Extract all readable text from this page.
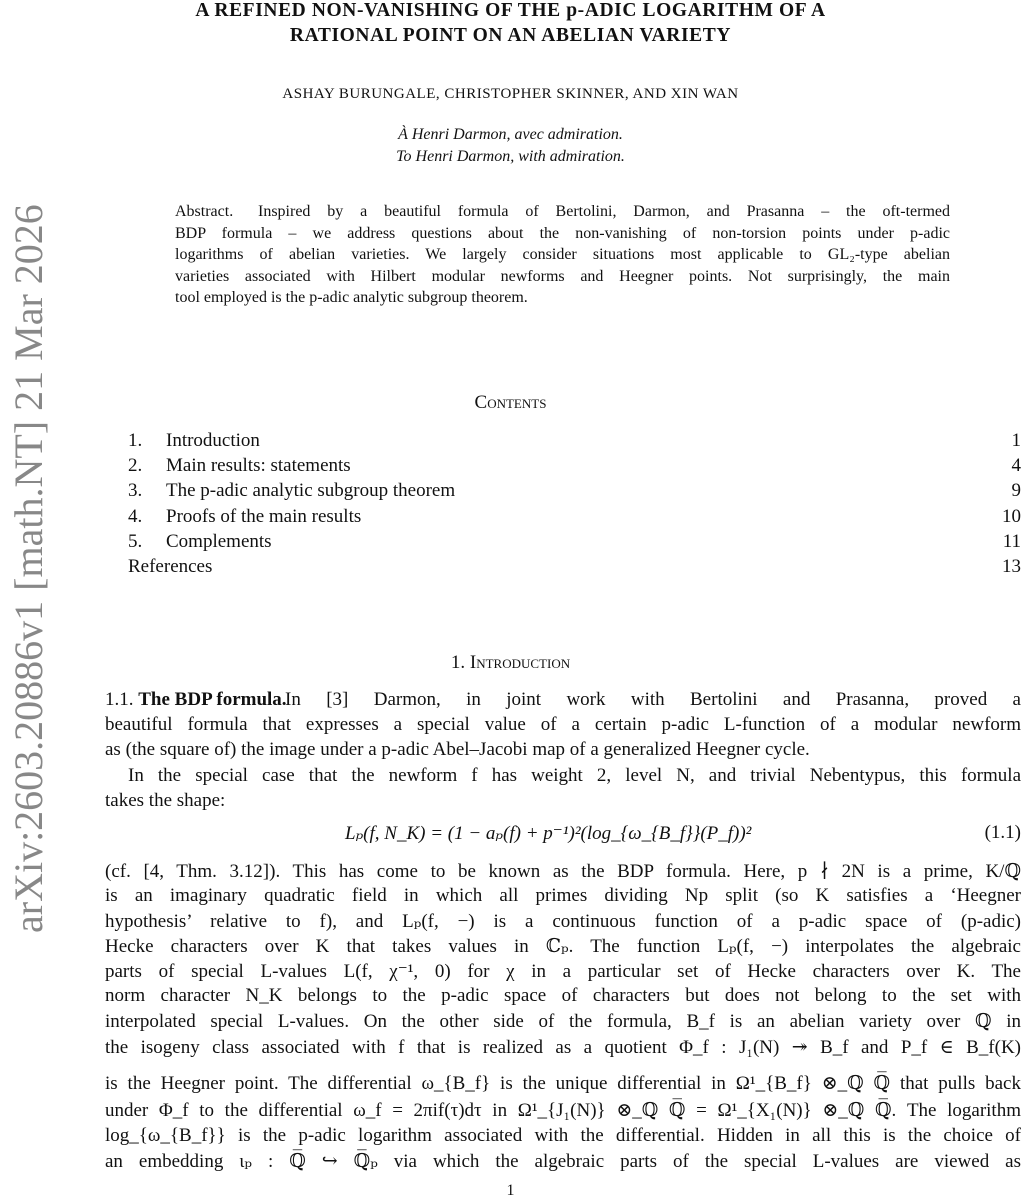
arXiv:2603.20886v1 [math.NT] 21 Mar 2026
A REFINED NON-VANISHING OF THE p-ADIC LOGARITHM OF A
RATIONAL POINT ON AN ABELIAN VARIETY
ASHAY BURUNGALE, CHRISTOPHER SKINNER, AND XIN WAN
À Henri Darmon, avec admiration.
To Henri Darmon, with admiration.
Abstract. Inspired by a beautiful formula of Bertolini, Darmon, and Prasanna – the oft-termed
BDP formula – we address questions about the non-vanishing of non-torsion points under p-adic
logarithms of abelian varieties. We largely consider situations most applicable to GL₂-type abelian
varieties associated with Hilbert modular newforms and Heegner points. Not surprisingly, the main
tool employed is the p-adic analytic subgroup theorem.
Contents
1. Introduction	1
2. Main results: statements	4
3. The p-adic analytic subgroup theorem	9
4. Proofs of the main results	10
5. Complements	11
References	13
1. Introduction
1.1. The BDP formula.
In [3] Darmon, in joint work with Bertolini and Prasanna, proved a
beautiful formula that expresses a special value of a certain p-adic L-function of a modular newform
as (the square of) the image under a p-adic Abel–Jacobi map of a generalized Heegner cycle.
In the special case that the newform f has weight 2, level N, and trivial Nebentypus, this formula
takes the shape:
Lₚ(f, N_K) = (1 − aₚ(f) + p⁻¹)²(log_{ω_{B_f}}(P_f))²	(1.1)
(cf. [4, Thm. 3.12]). This has come to be known as the BDP formula. Here, p ∤ 2N is a prime, K/ℚ
is an imaginary quadratic field in which all primes dividing Np split (so K satisfies a ‘Heegner
hypothesis’ relative to f), and Lₚ(f, −) is a continuous function of a p-adic space of (p-adic)
Hecke characters over K that takes values in ℂₚ. The function Lₚ(f, −) interpolates the algebraic
parts of special L-values L(f, χ⁻¹, 0) for χ in a particular set of Hecke characters over K. The
norm character N_K belongs to the p-adic space of characters but does not belong to the set with
interpolated special L-values. On the other side of the formula, B_f is an abelian variety over ℚ in
the isogeny class associated with f that is realized as a quotient Φ_f : J₁(N) ↠ B_f and P_f ∈ B_f(K)
is the Heegner point. The differential ω_{B_f} is the unique differential in Ω¹_{B_f} ⊗_ℚ ℚ̅ that pulls back
under Φ_f to the differential ω_f = 2πif(τ)dτ in Ω¹_{J₁(N)} ⊗_ℚ ℚ̅ = Ω¹_{X₁(N)} ⊗_ℚ ℚ̅. The logarithm
log_{ω_{B_f}} is the p-adic logarithm associated with the differential. Hidden in all this is the choice of
an embedding ιₚ : ℚ̅ ↪ ℚ̅ₚ via which the algebraic parts of the special L-values are viewed as
1
